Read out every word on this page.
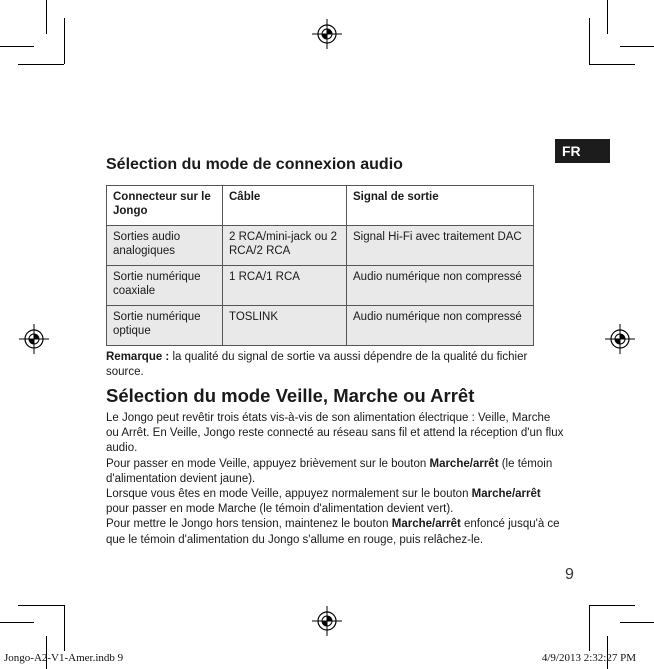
FR
Sélection du mode de connexion audio
Connecteur sur le Jongo	Câble	Signal de sortie
Sorties audio analogiques	2 RCA/mini-jack ou 2 RCA/2 RCA	Signal Hi-Fi avec traitement DAC
Sortie numérique coaxiale	1 RCA/1 RCA	Audio numérique non compressé
Sortie numérique optique	TOSLINK	Audio numérique non compressé
Remarque : la qualité du signal de sortie va aussi dépendre de la qualité du fichier source.
Sélection du mode Veille, Marche ou Arrêt

Le Jongo peut revêtir trois états vis-à-vis de son alimentation électrique : Veille, Marche ou Arrêt. En Veille, Jongo reste connecté au réseau sans fil et attend la réception d'un flux audio.

Pour passer en mode Veille, appuyez brièvement sur le bouton Marche/arrêt (le témoin d'alimentation devient jaune).

Lorsque vous êtes en mode Veille, appuyez normalement sur le bouton Marche/arrêt pour passer en mode Marche (le témoin d'alimentation devient vert).

Pour mettre le Jongo hors tension, maintenez le bouton Marche/arrêt enfoncé jusqu'à ce que le témoin d'alimentation du Jongo s'allume en rouge, puis relâchez-le.

9
Jongo-A2-V1-Amer.indb 9	4/9/2013 2:32:27 PM
